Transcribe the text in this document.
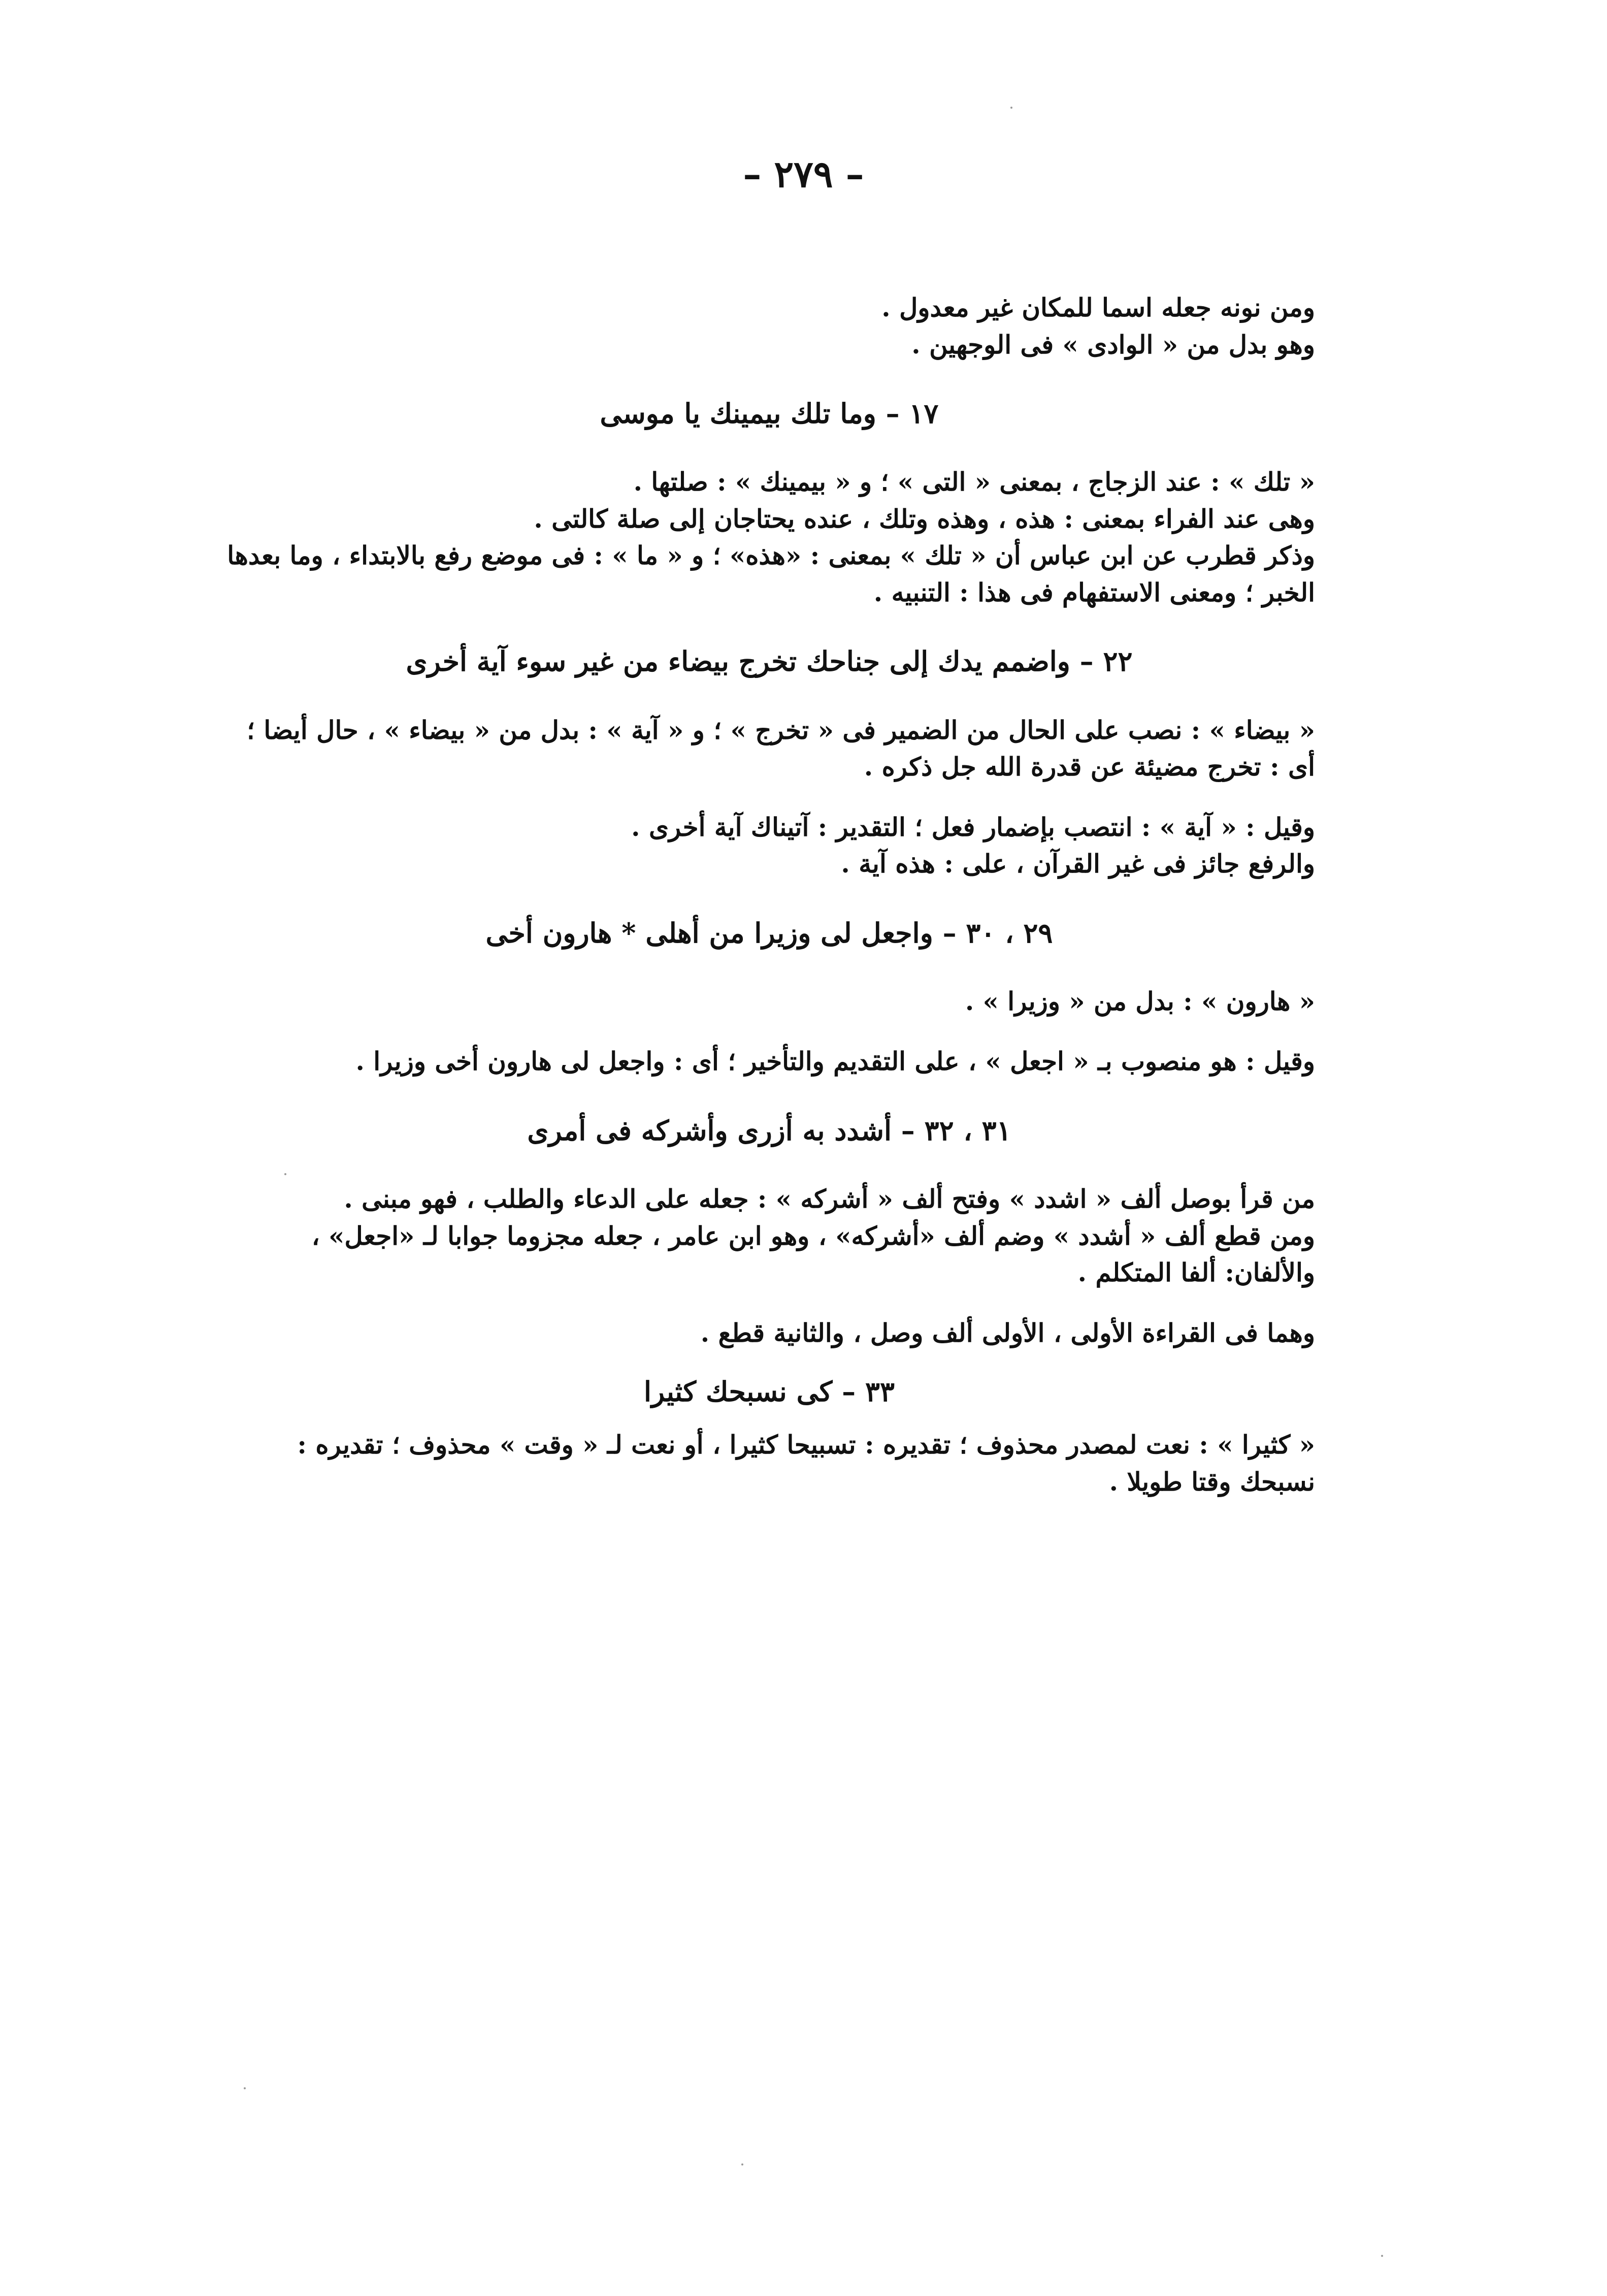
– ٢٧٩ –
ومن نونه جعله اسما للمكان غير معدول .
وهو بدل من « الوادى » فى الوجهين .
١٧ – وما تلك بيمينك يا موسى
« تلك » : عند الزجاج ، بمعنى « التى » ؛ و « بيمينك » : صلتها .
وهى عند الفراء بمعنى : هذه ، وهذه وتلك ، عنده يحتاجان إلى صلة كالتى .
وذكر قطرب عن ابن عباس أن « تلك » بمعنى : «هذه» ؛ و « ما » : فى موضع رفع بالابتداء ، وما بعدها الخبر ؛ ومعنى الاستفهام فى هذا : التنبيه .
٢٢ – واضمم يدك إلى جناحك تخرج بيضاء من غير سوء آية أخرى
« بيضاء » : نصب على الحال من الضمير فى « تخرج » ؛ و « آية » : بدل من « بيضاء » ، حال أيضا ؛ أى : تخرج مضيئة عن قدرة الله جل ذكره .
وقيل : « آية » : انتصب بإضمار فعل ؛ التقدير : آتيناك آية أخرى .
والرفع جائز فى غير القرآن ، على : هذه آية .
٢٩ ، ٣٠ – واجعل لى وزيرا من أهلى * هارون أخى
« هارون » : بدل من « وزيرا » .
وقيل : هو منصوب بـ « اجعل » ، على التقديم والتأخير ؛ أى : واجعل لى هارون أخى وزيرا .
٣١ ، ٣٢ – أشدد به أزرى وأشركه فى أمرى
من قرأ بوصل ألف « اشدد » وفتح ألف « أشركه » : جعله على الدعاء والطلب ، فهو مبنى .
ومن قطع ألف « أشدد » وضم ألف «أشركه» ، وهو ابن عامر ، جعله مجزوما جوابا لـ «اجعل» ، والألفان: ألفا المتكلم .
وهما فى القراءة الأولى ، الأولى ألف وصل ، والثانية قطع .
٣٣ – كى نسبحك كثيرا
« كثيرا » : نعت لمصدر محذوف ؛ تقديره : تسبيحا كثيرا ، أو نعت لـ « وقت » محذوف ؛ تقديره : نسبحك وقتا طويلا .
